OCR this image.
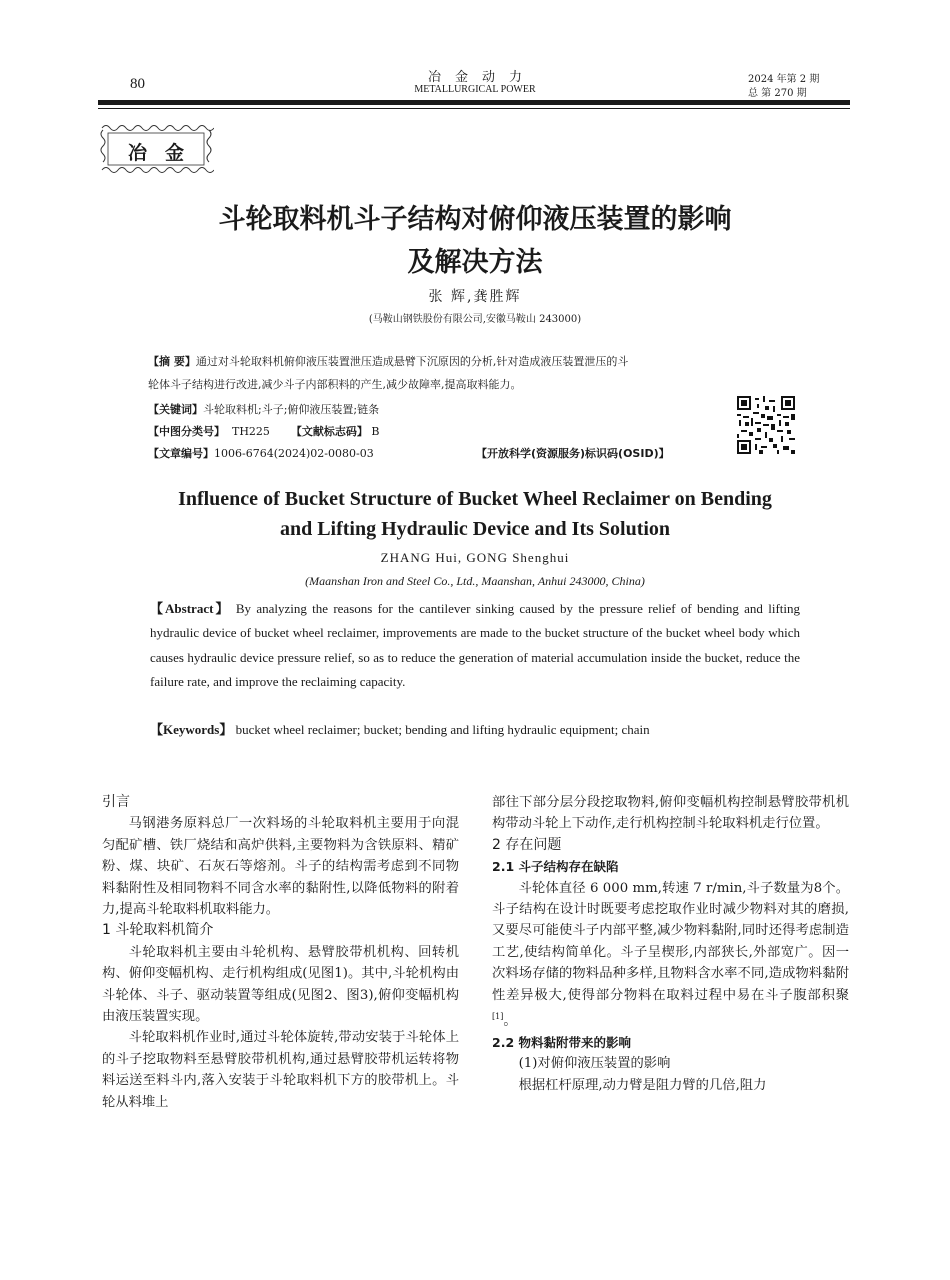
80	冶金动力
METALLURGICAL POWER
2024 年第 2 期
总 第 270 期
冶金
斗轮取料机斗子结构对俯仰液压装置的影响
及解决方法
张 辉,龚胜辉
(马鞍山钢铁股份有限公司,安徽马鞍山 243000)
【摘 要】通过对斗轮取料机俯仰液压装置泄压造成悬臂下沉原因的分析,针对造成液压装置泄压的斗
轮体斗子结构进行改进,减少斗子内部积料的产生,减少故障率,提高取料能力。
【关键词】斗轮取料机;斗子;俯仰液压装置;链条
【中图分类号】 TH225 【文献标志码】 B
【文章编号】1006-6764(2024)02-0080-03	【开放科学(资源服务)标识码(OSID)】
Influence of Bucket Structure of Bucket Wheel Reclaimer on Bending
and Lifting Hydraulic Device and Its Solution
ZHANG Hui, GONG Shenghui
(Maanshan Iron and Steel Co., Ltd., Maanshan, Anhui 243000, China)
【Abstract】 By analyzing the reasons for the cantilever sinking caused by the pressure relief of bending and lifting hydraulic device of bucket wheel reclaimer, improvements are made to the bucket structure of the bucket wheel body which causes hydraulic device pressure relief, so as to reduce the generation of material accumulation inside the bucket, reduce the failure rate, and improve the reclaiming capacity.
【Keywords】 bucket wheel reclaimer; bucket; bending and lifting hydraulic equipment; chain

引言

马钢港务原料总厂一次料场的斗轮取料机主要用于向混匀配矿槽、铁厂烧结和高炉供料,主要物料为含铁原料、精矿粉、煤、块矿、石灰石等熔剂。斗子的结构需考虑到不同物料黏附性及相同物料不同含水率的黏附性,以降低物料的附着力,提高斗轮取料机取料能力。

1 斗轮取料机简介

斗轮取料机主要由斗轮机构、悬臂胶带机机构、回转机构、俯仰变幅机构、走行机构组成(见图1)。其中,斗轮机构由斗轮体、斗子、驱动装置等组成(见图2、图3),俯仰变幅机构由液压装置实现。

斗轮取料机作业时,通过斗轮体旋转,带动安装于斗轮体上的斗子挖取物料至悬臂胶带机机构,通过悬臂胶带机运转将物料运送至料斗内,落入安装于斗轮取料机下方的胶带机上。斗轮从料堆上

部往下部分层分段挖取物料,俯仰变幅机构控制悬臂胶带机机构带动斗轮上下动作,走行机构控制斗轮取料机走行位置。

2 存在问题

2.1 斗子结构存在缺陷

斗轮体直径 6 000 mm,转速 7 r/min,斗子数量为8个。斗子结构在设计时既要考虑挖取作业时减少物料对其的磨损,又要尽可能使斗子内部平整,减少物料黏附,同时还得考虑制造工艺,使结构简单化。斗子呈楔形,内部狭长,外部宽广。因一次料场存储的物料品种多样,且物料含水率不同,造成物料黏附性差异极大,使得部分物料在取料过程中易在斗子腹部积聚[1]。

2.2 物料黏附带来的影响

(1)对俯仰液压装置的影响

根据杠杆原理,动力臂是阻力臂的几倍,阻力
